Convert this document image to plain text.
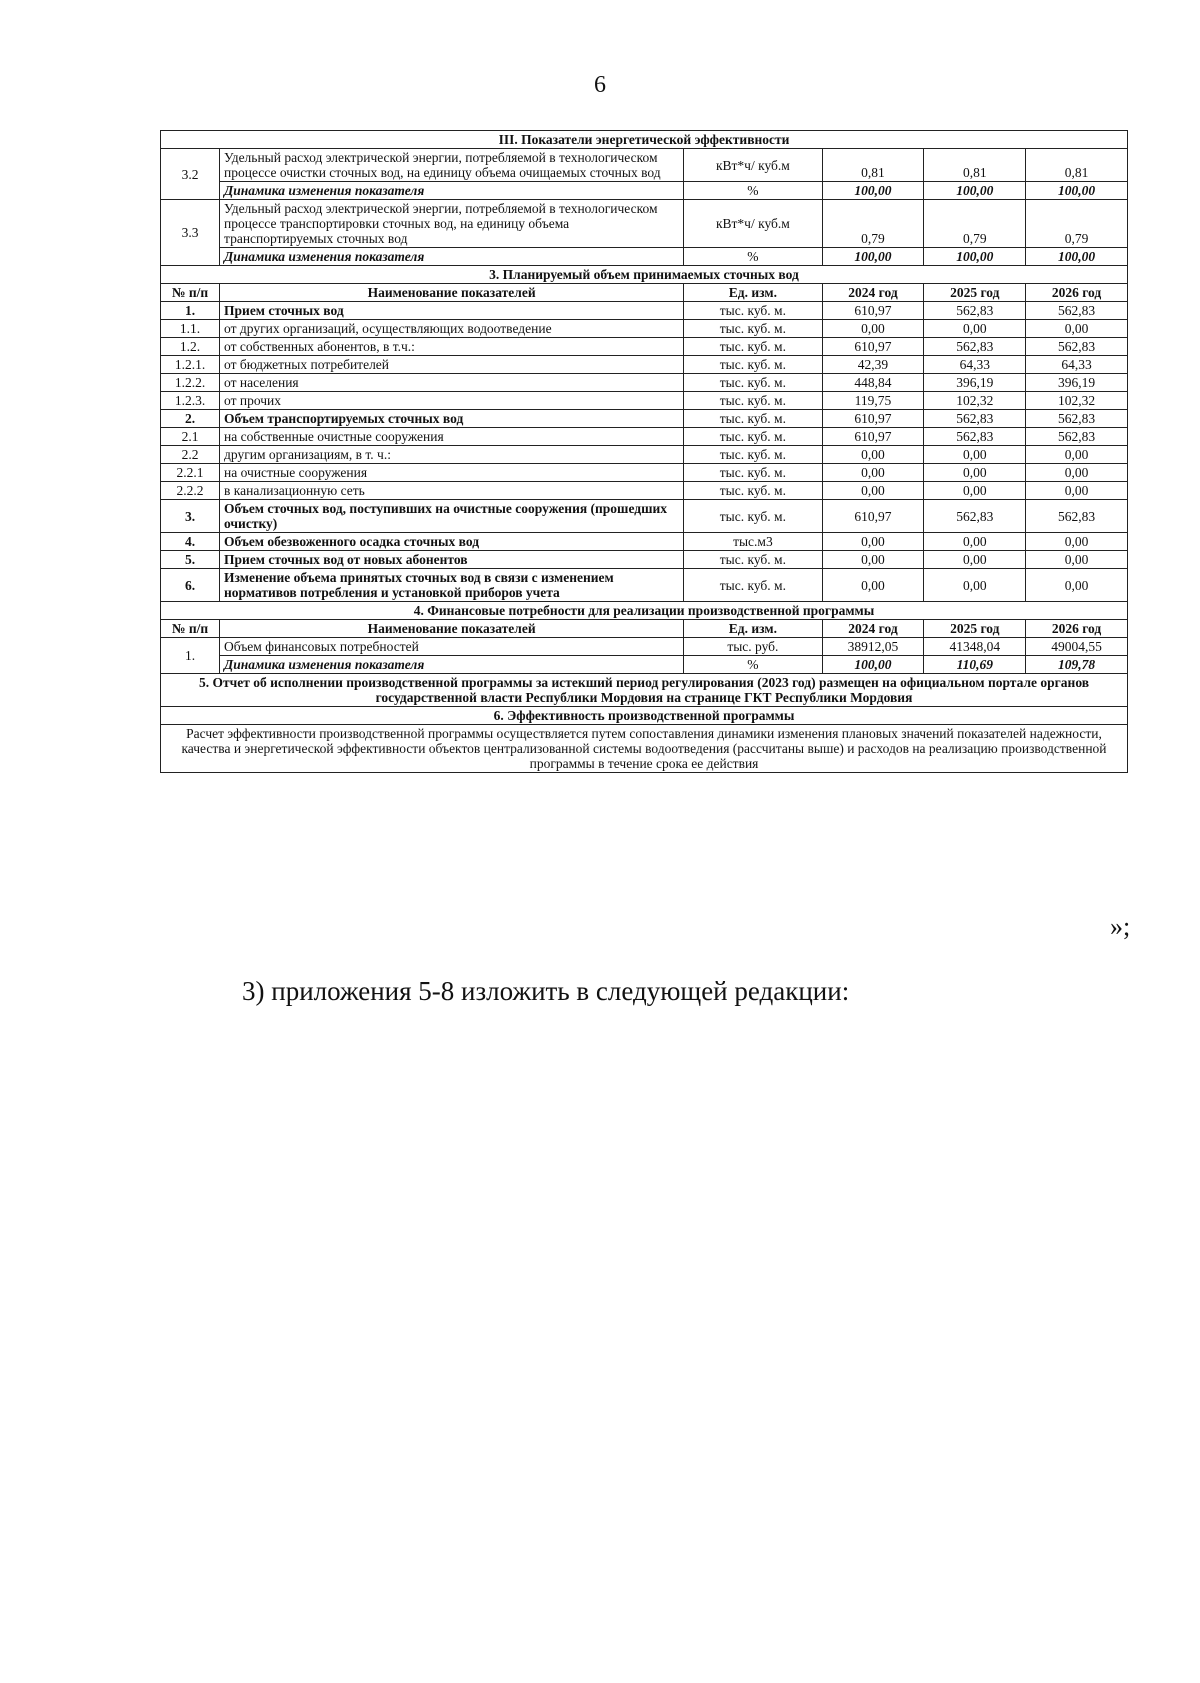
6
III. Показатели энергетической эффективности					
3.2	Удельный расход электрической энергии, потребляемой в технологическом процессе очистки сточных вод, на единицу объема очищаемых сточных вод	кВт*ч/ куб.м	0,81	0,81	0,81
	Динамика изменения показателя	%	100,00	100,00	100,00
3.3	Удельный расход электрической энергии, потребляемой в технологическом процессе транспортировки сточных вод, на единицу объема транспортируемых сточных вод	кВт*ч/ куб.м	0,79	0,79	0,79
	Динамика изменения показателя	%	100,00	100,00	100,00
3. Планируемый объем принимаемых сточных вод					
№ п/п	Наименование показателей	Ед. изм.	2024 год	2025 год	2026 год
1.	Прием сточных вод	тыс. куб. м.	610,97	562,83	562,83
1.1.	от других организаций, осуществляющих водоотведение	тыс. куб. м.	0,00	0,00	0,00
1.2.	от собственных абонентов, в т.ч.:	тыс. куб. м.	610,97	562,83	562,83
1.2.1.	от бюджетных потребителей	тыс. куб. м.	42,39	64,33	64,33
1.2.2.	от населения	тыс. куб. м.	448,84	396,19	396,19
1.2.3.	от прочих	тыс. куб. м.	119,75	102,32	102,32
2.	Объем транспортируемых сточных вод	тыс. куб. м.	610,97	562,83	562,83
2.1	на собственные очистные сооружения	тыс. куб. м.	610,97	562,83	562,83
2.2	другим организациям, в т. ч.:	тыс. куб. м.	0,00	0,00	0,00
2.2.1	на очистные сооружения	тыс. куб. м.	0,00	0,00	0,00
2.2.2	в канализационную сеть	тыс. куб. м.	0,00	0,00	0,00
3.	Объем сточных вод, поступивших на очистные сооружения (прошедших очистку)	тыс. куб. м.	610,97	562,83	562,83
4.	Объем обезвоженного осадка сточных вод	тыс.м3	0,00	0,00	0,00
5.	Прием сточных вод от новых абонентов	тыс. куб. м.	0,00	0,00	0,00
6.	Изменение объема принятых сточных вод в связи с изменением нормативов потребления и установкой приборов учета	тыс. куб. м.	0,00	0,00	0,00
4. Финансовые потребности для реализации производственной программы					
№ п/п	Наименование показателей	Ед. изм.	2024 год	2025 год	2026 год
1.	Объем финансовых потребностей	тыс. руб.	38912,05	41348,04	49004,55
	Динамика изменения показателя	%	100,00	110,69	109,78
5. Отчет об исполнении производственной программы за истекший период регулирования (2023 год) размещен на официальном портале органов государственной власти Республики Мордовия на странице ГКТ Республики Мордовия					
6. Эффективность производственной программы					
Расчет эффективности производственной программы осуществляется путем сопоставления динамики изменения плановых значений показателей надежности, качества и энергетической эффективности объектов централизованной системы водоотведения (рассчитаны выше) и расходов на реализацию производственной программы в течение срока ее действия					
»;
3) приложения 5-8 изложить в следующей редакции:
